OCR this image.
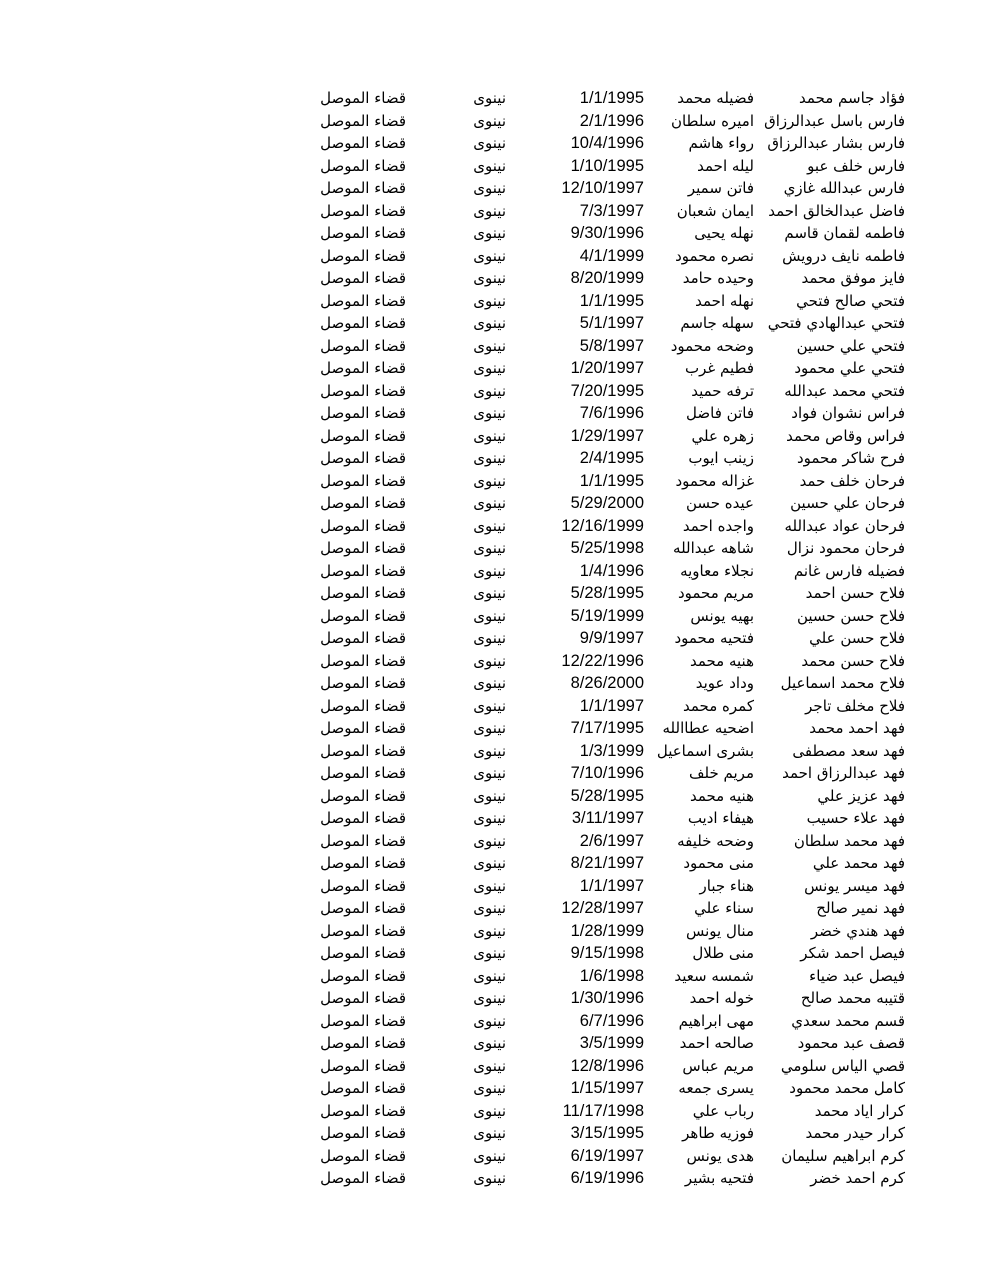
فؤاد جاسم محمد
فضيله محمد
1/1/1995
نينوى
قضاء الموصل
فارس باسل عبدالرزاق
اميره سلطان
2/1/1996
نينوى
قضاء الموصل
فارس بشار عبدالرزاق
رواء هاشم
10/4/1996
نينوى
قضاء الموصل
فارس خلف عبو
ليله احمد
1/10/1995
نينوى
قضاء الموصل
فارس عبدالله غازي
فاتن سمير
12/10/1997
نينوى
قضاء الموصل
فاضل عبدالخالق احمد
ايمان شعبان
7/3/1997
نينوى
قضاء الموصل
فاطمه لقمان قاسم
نهله يحيى
9/30/1996
نينوى
قضاء الموصل
فاطمه نايف درويش
نصره محمود
4/1/1999
نينوى
قضاء الموصل
فايز موفق محمد
وحيده حامد
8/20/1999
نينوى
قضاء الموصل
فتحي صالح فتحي
نهله احمد
1/1/1995
نينوى
قضاء الموصل
فتحي عبدالهادي فتحي
سهله جاسم
5/1/1997
نينوى
قضاء الموصل
فتحي علي حسين
وضحه محمود
5/8/1997
نينوى
قضاء الموصل
فتحي علي محمود
فطيم غرب
1/20/1997
نينوى
قضاء الموصل
فتحي محمد عبدالله
ترفه حميد
7/20/1995
نينوى
قضاء الموصل
فراس نشوان فواد
فاتن فاضل
7/6/1996
نينوى
قضاء الموصل
فراس وقاص محمد
زهره علي
1/29/1997
نينوى
قضاء الموصل
فرح شاكر محمود
زينب ايوب
2/4/1995
نينوى
قضاء الموصل
فرحان خلف حمد
غزاله محمود
1/1/1995
نينوى
قضاء الموصل
فرحان علي حسين
عيده حسن
5/29/2000
نينوى
قضاء الموصل
فرحان عواد عبدالله
واجده احمد
12/16/1999
نينوى
قضاء الموصل
فرحان محمود نزال
شاهه عبدالله
5/25/1998
نينوى
قضاء الموصل
فضيله فارس غانم
نجلاء معاويه
1/4/1996
نينوى
قضاء الموصل
فلاح حسن احمد
مريم محمود
5/28/1995
نينوى
قضاء الموصل
فلاح حسن حسين
بهيه يونس
5/19/1999
نينوى
قضاء الموصل
فلاح حسن علي
فتحيه محمود
9/9/1997
نينوى
قضاء الموصل
فلاح حسن محمد
هنيه محمد
12/22/1996
نينوى
قضاء الموصل
فلاح محمد اسماعيل
وداد عويد
8/26/2000
نينوى
قضاء الموصل
فلاح مخلف تاجر
كمره محمد
1/1/1997
نينوى
قضاء الموصل
فهد احمد محمد
اضحيه عطاالله
7/17/1995
نينوى
قضاء الموصل
فهد سعد مصطفى
بشرى اسماعيل
1/3/1999
نينوى
قضاء الموصل
فهد عبدالرزاق احمد
مريم خلف
7/10/1996
نينوى
قضاء الموصل
فهد عزيز علي
هنيه محمد
5/28/1995
نينوى
قضاء الموصل
فهد علاء حسيب
هيفاء اديب
3/11/1997
نينوى
قضاء الموصل
فهد محمد سلطان
وضحه خليفه
2/6/1997
نينوى
قضاء الموصل
فهد محمد علي
منى محمود
8/21/1997
نينوى
قضاء الموصل
فهد ميسر يونس
هناء جبار
1/1/1997
نينوى
قضاء الموصل
فهد نمير صالح
سناء علي
12/28/1997
نينوى
قضاء الموصل
فهد هندي خضر
منال يونس
1/28/1999
نينوى
قضاء الموصل
فيصل احمد شكر
منى طلال
9/15/1998
نينوى
قضاء الموصل
فيصل عبد ضياء
شمسه سعيد
1/6/1998
نينوى
قضاء الموصل
قتيبه محمد صالح
خوله احمد
1/30/1996
نينوى
قضاء الموصل
قسم محمد سعدي
مهى ابراهيم
6/7/1996
نينوى
قضاء الموصل
قصف عبد محمود
صالحه احمد
3/5/1999
نينوى
قضاء الموصل
قصي الياس سلومي
مريم عباس
12/8/1996
نينوى
قضاء الموصل
كامل محمد محمود
يسرى جمعه
1/15/1997
نينوى
قضاء الموصل
كرار اياد محمد
رباب علي
11/17/1998
نينوى
قضاء الموصل
كرار حيدر محمد
فوزيه طاهر
3/15/1995
نينوى
قضاء الموصل
كرم ابراهيم سليمان
هدى يونس
6/19/1997
نينوى
قضاء الموصل
كرم احمد خضر
فتحيه بشير
6/19/1996
نينوى
قضاء الموصل
